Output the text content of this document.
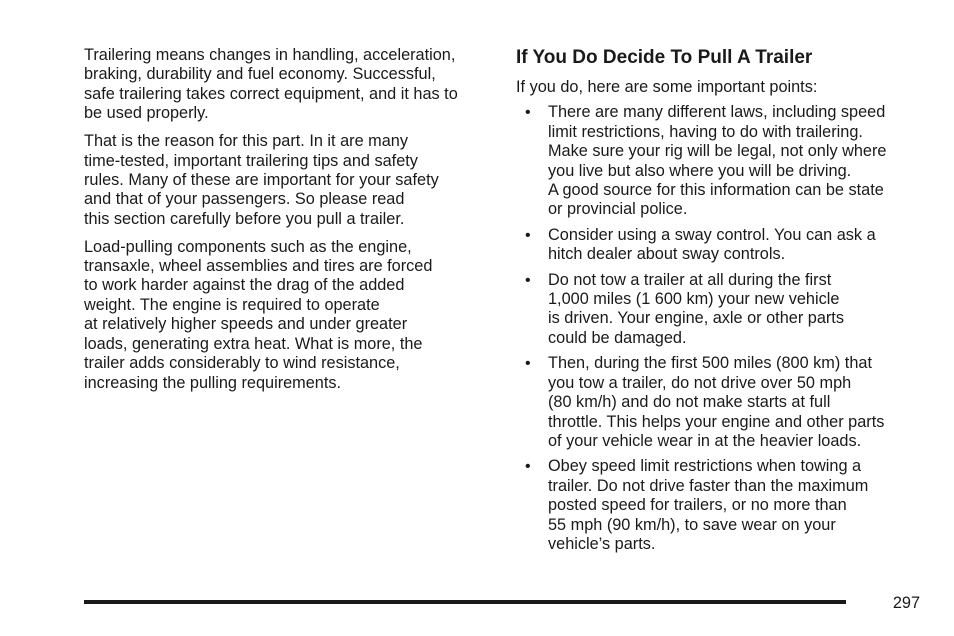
Trailering means changes in handling, acceleration,
braking, durability and fuel economy. Successful,
safe trailering takes correct equipment, and it has to
be used properly.

That is the reason for this part. In it are many
time-tested, important trailering tips and safety
rules. Many of these are important for your safety
and that of your passengers. So please read
this section carefully before you pull a trailer.

Load-pulling components such as the engine,
transaxle, wheel assemblies and tires are forced
to work harder against the drag of the added
weight. The engine is required to operate
at relatively higher speeds and under greater
loads, generating extra heat. What is more, the
trailer adds considerably to wind resistance,
increasing the pulling requirements.

If You Do Decide To Pull A Trailer

If you do, here are some important points:

• There are many different laws, including speed
limit restrictions, having to do with trailering.
Make sure your rig will be legal, not only where
you live but also where you will be driving.
A good source for this information can be state
or provincial police.
• Consider using a sway control. You can ask a
hitch dealer about sway controls.
• Do not tow a trailer at all during the first
1,000 miles (1 600 km) your new vehicle
is driven. Your engine, axle or other parts
could be damaged.
• Then, during the first 500 miles (800 km) that
you tow a trailer, do not drive over 50 mph
(80 km/h) and do not make starts at full
throttle. This helps your engine and other parts
of your vehicle wear in at the heavier loads.
• Obey speed limit restrictions when towing a
trailer. Do not drive faster than the maximum
posted speed for trailers, or no more than
55 mph (90 km/h), to save wear on your
vehicle’s parts.
297
